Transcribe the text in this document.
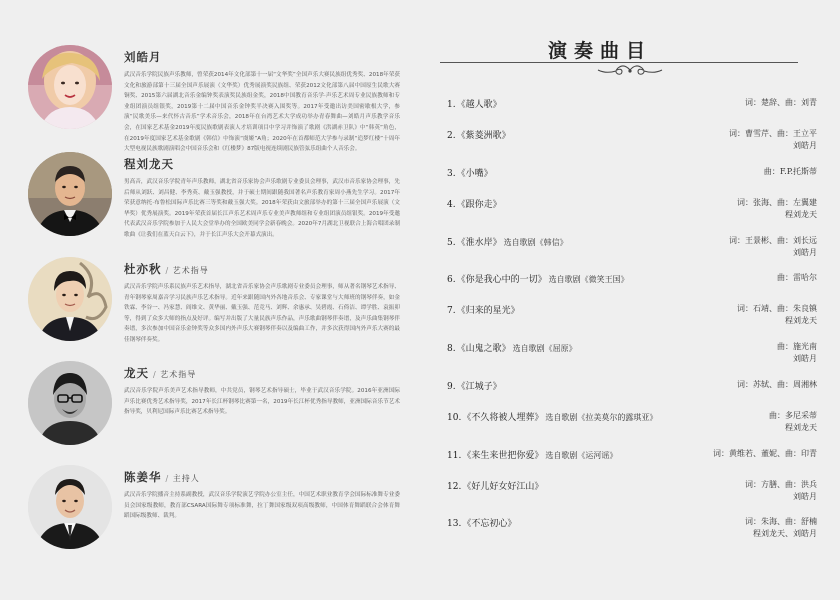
刘皓月
武汉音乐学院民族声乐教师，曾荣获2014年文化部第十一届“文华奖”全国声乐大赛民族组优秀奖、2018年荣获文化和旅游部第十三届全国声乐展演（文华奖）优秀展演奖民族组、荣获2012文化部第八届中国原生民歌大赛铜奖、2015第六届湖北音乐金编钟奖表演奖民族组金奖，2018中国教育音乐学·声乐艺术周专业民族教师和专业组团演员组银奖，2019第十二届中国音乐金钟奖半决赛入围奖等。2017年受邀出访美国密歇根大学，参演“民歌美乐—来代怀古音乐”学术音乐会，2018年在台湾艺术大学成功举办青春舞曲—刘皓月声乐教学音乐会，在国家艺术基金2019年度民族歌剧表演人才培训项目中学习并饰演了歌剧《洪湖赤卫队》中“韩英”角色，在2019年度国家艺术基金歌剧《韩信》中饰演“虞姬”A角；2020年在首都师范大学参与录制“追梦红楼”十周年大型电视民族歌剧演唱会中国音乐会和《红楼梦》87版电视连续剧民族管弦乐组曲个人音乐会。
程刘龙天
男高音，武汉音乐学院青年声乐教师，湖北省音乐家协会声乐歌剧专业委员会理事，武汉市音乐家协会理事，先后师从刘跃、刘昌健、李秀英、戴玉强教授，并于硕士期间跟随我国著名声乐教育家周小燕先生学习。2017年荣获意纳托·布鲁松国际声乐比赛三等奖和戴玉强大奖。2018年荣获由文旅部举办的第十三届全国声乐展演（文华奖）优秀展演奖。2019年荣获首届长江声乐艺术周声乐专业美声教师组和专业组团演员组银奖。2019年受邀代表武汉音乐学院参加于人民大会堂举办的全国欧美同学会新春晚会。2020年7月湖北卫视联合上海合唱团录制歌曲《让我们在蓝天白云下》，并于长江声乐大会开幕式演出。
杜亦秋	/ 艺术指导
武汉音乐学院声乐系民族声乐艺术指导，湖北省音乐家协会声乐歌剧专业委员会理事，师从著名钢琴艺术指导、青年钢琴家周嘉音学习民族声乐艺术指导。近年来跟随国内外各地音乐会、专家课堂与大师班的钢琴伴奏，如金铁霖、李谷一、冯家慧、阎维文、黄华丽、戴玉强、范竞马、刘辉、余惠承、吴碧霞、石倚洁、谭学胜、袁振卯等，得到了众多大师的指点及好评。编写并出版了大量民族声乐作品，声乐歌曲钢琴伴奏谱，及声乐曲集钢琴伴奏谱，多次参加中国音乐金钟奖等众多国内外声乐大赛钢琴伴奏以及编曲工作，并多次获得国内外声乐大赛的最佳钢琴伴奏奖。
龙天	/ 艺术指导
武汉音乐学院声乐美声艺术指导教师，中共党员，钢琴艺术指导硕士，毕业于武汉音乐学院。2016年亚洲国际声乐比赛优秀艺术指导奖，2017年长江杯钢琴比赛第一名，2019年长江杯优秀指导教师，亚洲国际音乐节艺术指导奖，贝利尼国际声乐比赛艺术指导奖。
陈姜华	/ 主持人
武汉音乐学院播音主持系副教授，武汉音乐学院演艺学院办公室主任，中国艺术职业教育学会国际标准舞专业委员会国家级教师，教育部CSARA国际舞专项标准舞，拉丁舞国家级双项高级教师，中国体育舞蹈联合会体育舞蹈国际级教师、裁判。
演奏曲目
1.《越人歌》	词：楚辞、曲：刘青
2.《紫菱洲歌》	词：曹雪芹、曲：王立平
刘皓月
3.《小嘴》	曲：F.P.托斯蒂
4.《跟你走》	词：张海、曲：左翼建
程刘龙天
5.《淮水岸》 选自歌剧《韩信》	词：王景彬、曲：刘长远
刘皓月
6.《你是我心中的一切》 选自歌剧《微笑王国》	曲：雷哈尔
7.《归来的星光》	词：石靖、曲：朱良镇
程刘龙天
8.《山鬼之歌》 选自歌剧《屈原》	曲：施光南
刘皓月
9.《江城子》	词：苏轼、曲：周湘林
10.《不久将被人埋葬》 选自歌剧《拉美莫尔的露琪亚》	曲：多尼采蒂
程刘龙天
11.《来生来世把你爱》 选自歌剧《运河谣》	词：黄维若、董妮、曲：印青
12.《好儿好女好江山》	词：方膳、曲：洪兵
刘皓月
13.《不忘初心》	词：朱海、曲：舒楠
程刘龙天、刘皓月
